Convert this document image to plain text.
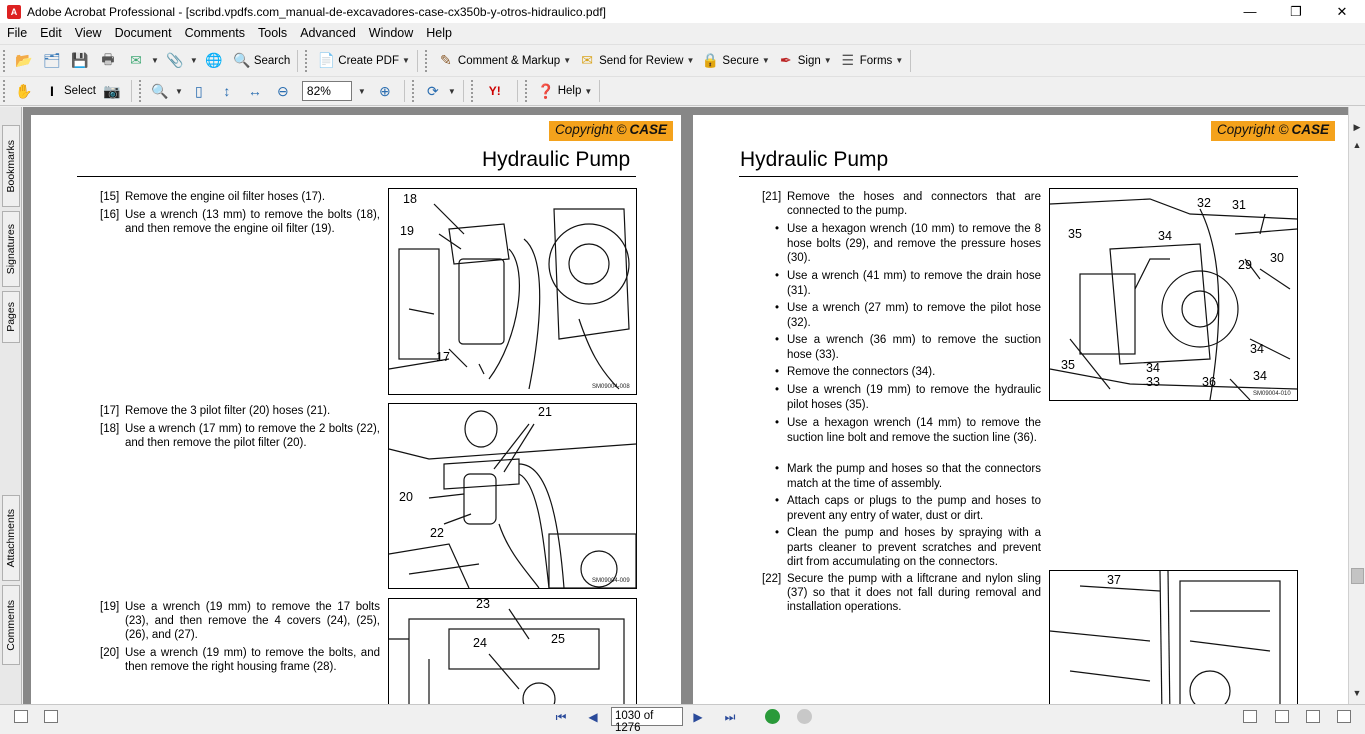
A Adobe Acrobat Professional - [scribd.vpdfs.com_manual-de-excavadores-case-cx350b-y-otros-hidraulico.pdf]	—	❐	✕
File	Edit	View	Document	Comments	Tools	Advanced	Window	Help
📂 🗂 💾 🖶 ✉	▼ 📎 ▼ 🌐 🔍 Search 📄 Create PDF ▼ ✎ Comment & Markup ▼ ✉ Send for Review ▼ 🔒 Secure ▼ ✒ Sign ▼ ☰ Forms ▼
✋	I Select 📷 🔍 ▼ ▯	↕	↔ ⊖	82%	▼ ⊕	⟳	▼	Y!	❓ Help ▼
Bookmarks
Signatures
Pages
Attachments
Comments
Copyright © CASE
Hydraulic Pump
[15] Remove the engine oil filter hoses (17).
[16] Use a wrench (13 mm) to remove the bolts (18), and then remove the engine oil filter (19).
[17] Remove the 3 pilot filter (20) hoses (21).
[18] Use a wrench (17 mm) to remove the 2 bolts (22), and then remove the pilot filter (20).
[19] Use a wrench (19 mm) to remove the 17 bolts (23), and then remove the 4 covers (24), (25), (26), and (27).
[20] Use a wrench (19 mm) to remove the bolts, and then remove the right housing frame (28).
18
19
17
SM09004-008
21
20
22
SM09004-009
23
24	25
Copyright © CASE
Hydraulic Pump
[21] Remove the hoses and connectors that are connected to the pump.
• Use a hexagon wrench (10 mm) to remove the 8 hose bolts (29), and remove the pressure hoses (30).
• Use a wrench (41 mm) to remove the drain hose (31).
• Use a wrench (27 mm) to remove the pilot hose (32).
• Use a wrench (36 mm) to remove the suction hose (33).
• Remove the connectors (34).
• Use a wrench (19 mm) to remove the hydraulic pilot hoses (35).
• Use a hexagon wrench (14 mm) to remove the suction line bolt and remove the suction line (36).
• Mark the pump and hoses so that the connectors match at the time of assembly.
• Attach caps or plugs to the pump and hoses to prevent any entry of water, dust or dirt.
• Clean the pump and hoses by spraying with a parts cleaner to prevent scratches and prevent dirt from accumulating on the connectors.
[22] Secure the pump with a liftcrane and nylon sling (37) so that it does not fall during removal and installation operations.
32 31
35	34
29 30
34
35	34
33	36	34
SM09004-010
37
▶
▲
▼
⏮ ◀	1030 of 1276
▶ ⏭
